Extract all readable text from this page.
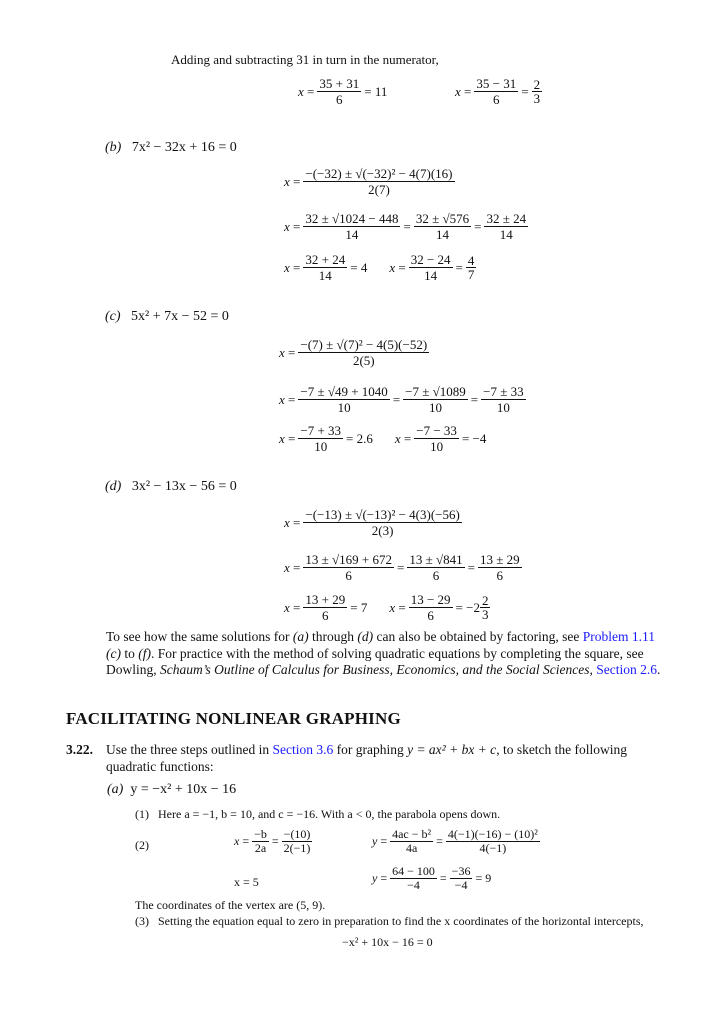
Adding and subtracting 31 in turn in the numerator,
$x = \frac{35 + 31}{6} = 11$	$x = \frac{35 - 31}{6} = \frac{2}{3}$
(b) 7x² − 32x + 16 = 0
$x = \frac{\text{−(−32) ± √(−32)² − 4(7)(16)}}{2(7)}$
$x = \frac{32 \pm √1024 - 448}{14} = \frac{32 \pm √576}{14} = \frac{32 \pm 24}{14}$
$x = \frac{32 + 24}{14} = 4$ $x = \frac{32 - 24}{14} = \frac{4}{7}$
(c) 5x² + 7x − 52 = 0
$x = \frac{\text{−(7) ± √(7)² − 4(5)(−52)}}{2(5)}$
$x = \frac{-7 \pm √49 + 1040}{10} = \frac{-7 \pm √1089}{10} = \frac{-7 \pm 33}{10}$
$x = \frac{-7 + 33}{10} = 2.6$ $x = \frac{-7 - 33}{10} = -4$
(d) 3x² − 13x − 56 = 0
$x = \frac{\text{−(−13) ± √(−13)² − 4(3)(−56)}}{2(3)}$
$x = \frac{13 \pm √169 + 672}{6} = \frac{13 \pm √841}{6} = \frac{13 \pm 29}{6}$
$x = \frac{13 + 29}{6} = 7$ $x = \frac{13 - 29}{6} = -2 \frac{2}{3}$
To see how the same solutions for (a) through (d) can also be obtained by factoring, see Problem 1.11 (c) to (f). For practice with the method of solving quadratic equations by completing the square, see Dowling, Schaum’s Outline of Calculus for Business, Economics, and the Social Sciences, Section 2.6.
FACILITATING NONLINEAR GRAPHING
3.22. Use the three steps outlined in Section 3.6 for graphing y = ax² + bx + c, to sketch the following quadratic functions:
(a) y = −x² + 10x − 16
(1) Here a = −1, b = 10, and c = −16. With a < 0, the parabola opens down.
(2)	$x = \frac{-b}{2a} = \frac{-(10)}{2(-1)}$	$y = \frac{\text{4ac − b²}}{4a} = \frac{\text{4(−1)(−16) − (10)²}}{4(-1)}$
x = 5	$y = \frac{64 - 100}{-4} = \frac{-36}{-4} = 9$
The coordinates of the vertex are (5, 9).
(3) Setting the equation equal to zero in preparation to find the x coordinates of the horizontal intercepts,
−x² + 10x − 16 = 0
